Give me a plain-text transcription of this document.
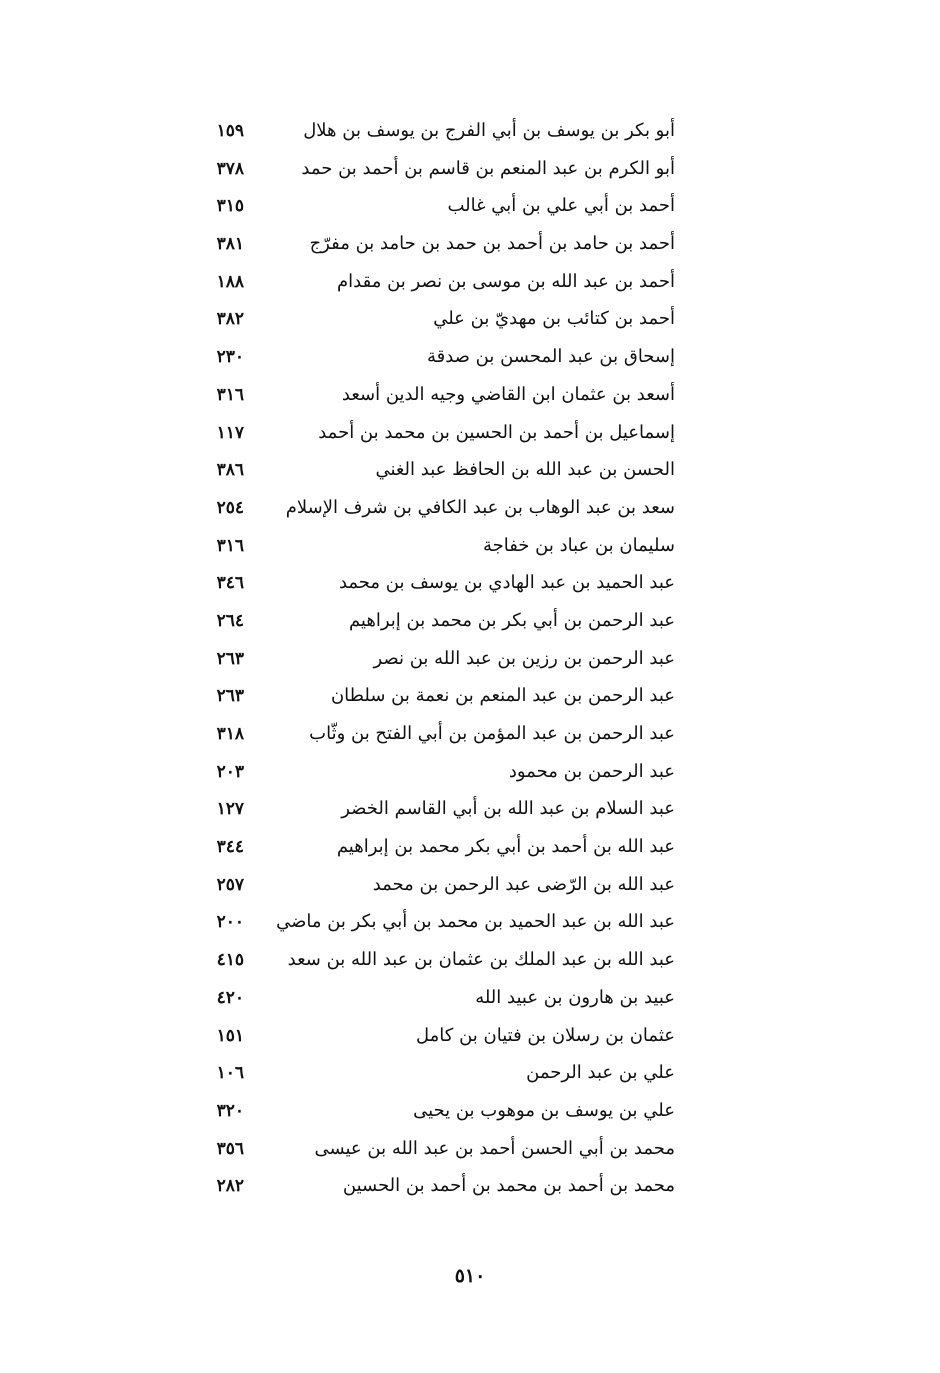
أبو بكر بن يوسف بن أبي الفرج بن يوسف بن هلال
١٥٩
أبو الكرم بن عبد المنعم بن قاسم بن أحمد بن حمد
٣٧٨
أحمد بن أبي علي بن أبي غالب
٣١٥
أحمد بن حامد بن أحمد بن حمد بن حامد بن مفرّج
٣٨١
أحمد بن عبد الله بن موسى بن نصر بن مقدام
١٨٨
أحمد بن كتائب بن مهديّ بن علي
٣٨٢
إسحاق بن عبد المحسن بن صدقة
٢٣٠
أسعد بن عثمان ابن القاضي وجيه الدين أسعد
٣١٦
إسماعيل بن أحمد بن الحسين بن محمد بن أحمد
١١٧
الحسن بن عبد الله بن الحافظ عبد الغني
٣٨٦
سعد بن عبد الوهاب بن عبد الكافي بن شرف الإسلام
٢٥٤
سليمان بن عباد بن خفاجة
٣١٦
عبد الحميد بن عبد الهادي بن يوسف بن محمد
٣٤٦
عبد الرحمن بن أبي بكر بن محمد بن إبراهيم
٢٦٤
عبد الرحمن بن رزين بن عبد الله بن نصر
٢٦٣
عبد الرحمن بن عبد المنعم بن نعمة بن سلطان
٢٦٣
عبد الرحمن بن عبد المؤمن بن أبي الفتح بن وثّاب
٣١٨
عبد الرحمن بن محمود
٢٠٣
عبد السلام بن عبد الله بن أبي القاسم الخضر
١٢٧
عبد الله بن أحمد بن أبي بكر محمد بن إبراهيم
٣٤٤
عبد الله بن الرّضى عبد الرحمن بن محمد
٢٥٧
عبد الله بن عبد الحميد بن محمد بن أبي بكر بن ماضي
٢٠٠
عبد الله بن عبد الملك بن عثمان بن عبد الله بن سعد
٤١٥
عبيد بن هارون بن عبيد الله
٤٢٠
عثمان بن رسلان بن فتيان بن كامل
١٥١
علي بن عبد الرحمن
١٠٦
علي بن يوسف بن موهوب بن يحيى
٣٢٠
محمد بن أبي الحسن أحمد بن عبد الله بن عيسى
٣٥٦
محمد بن أحمد بن محمد بن أحمد بن الحسين
٢٨٢
٥١٠
